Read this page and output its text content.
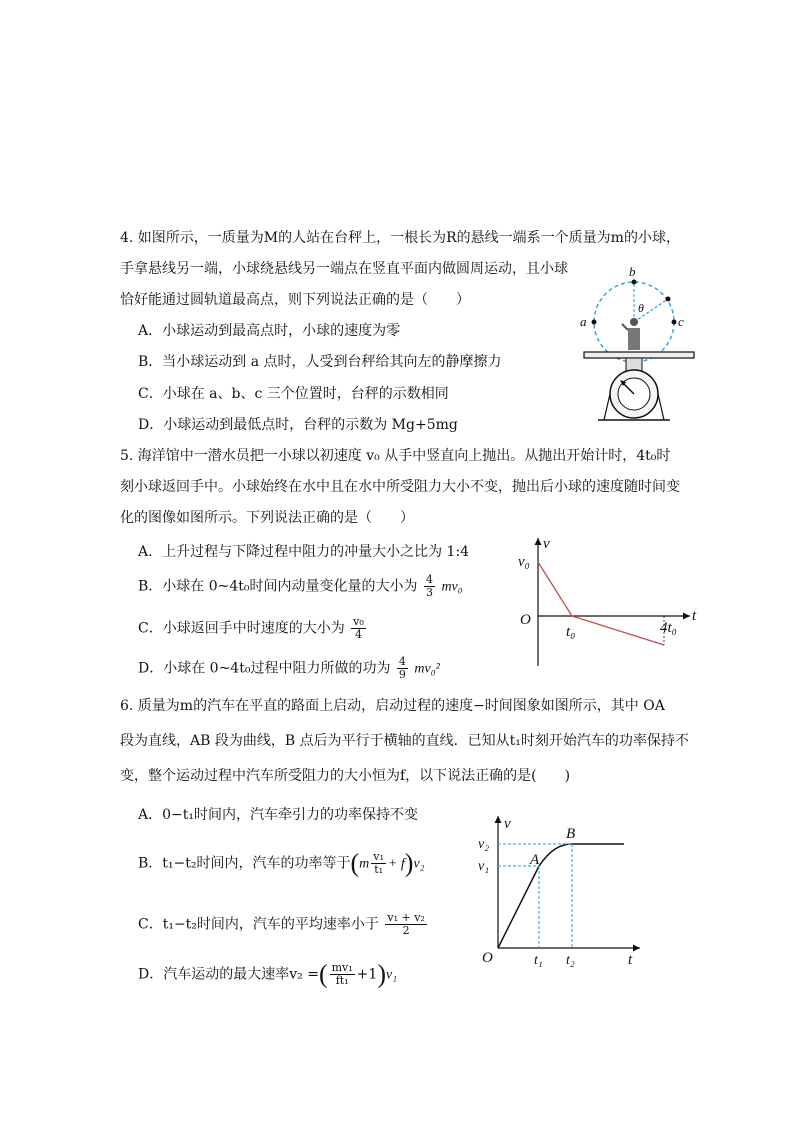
4. 如图所示，一质量为M的人站在台秤上，一根长为R的悬线一端系一个质量为m的小球，
手拿悬线另一端，小球绕悬线另一端点在竖直平面内做圆周运动，且小球
恰好能通过圆轨道最高点，则下列说法正确的是（　　）
A．小球运动到最高点时，小球的速度为零
B．当小球运动到 a 点时，人受到台秤给其向左的静摩擦力
C．小球在 a、b、c 三个位置时，台秤的示数相同
D．小球运动到最低点时，台秤的示数为 Mg+5mg
a
b
c
θ
5. 海洋馆中一潜水员把一小球以初速度 v₀ 从手中竖直向上抛出。从抛出开始计时，4t₀时
刻小球返回手中。小球始终在水中且在水中所受阻力大小不变，抛出后小球的速度随时间变
化的图像如图所示。下列说法正确的是（　　）
A．上升过程与下降过程中阻力的冲量大小之比为 1:4
B．小球在 0~4t₀时间内动量变化量的大小为 $\frac{4}{3} mv_0$
C．小球返回手中时速度的大小为 $\frac{\text{v₀}}{4}$
D．小球在 0~4t₀过程中阻力所做的功为 $\frac{4}{9} mv_0^2$
v
t
O
v₀
t₀	4t₀
6. 质量为m的汽车在平直的路面上启动，启动过程的速度−时间图象如图所示，其中 OA
段为直线，AB 段为曲线，B 点后为平行于横轴的直线．已知从t₁时刻开始汽车的功率保持不
变，整个运动过程中汽车所受阻力的大小恒为f，以下说法正确的是(　　)
A．0−t₁时间内，汽车牵引力的功率保持不变
B．t₁−t₂时间内，汽车的功率等于$(m \frac{\text{v₁}}{\text{t₁}} + f)v_2$
C．t₁−t₂时间内，汽车的平均速率小于 $\frac{\text{v₁ + v₂}}{2}$
D．汽车运动的最大速率v₂ =( $\frac{\text{mv₁}}{\text{ft₁}} +1)v_1$
v
t
O
v₂
v₁
t₁ t₂
A
B
